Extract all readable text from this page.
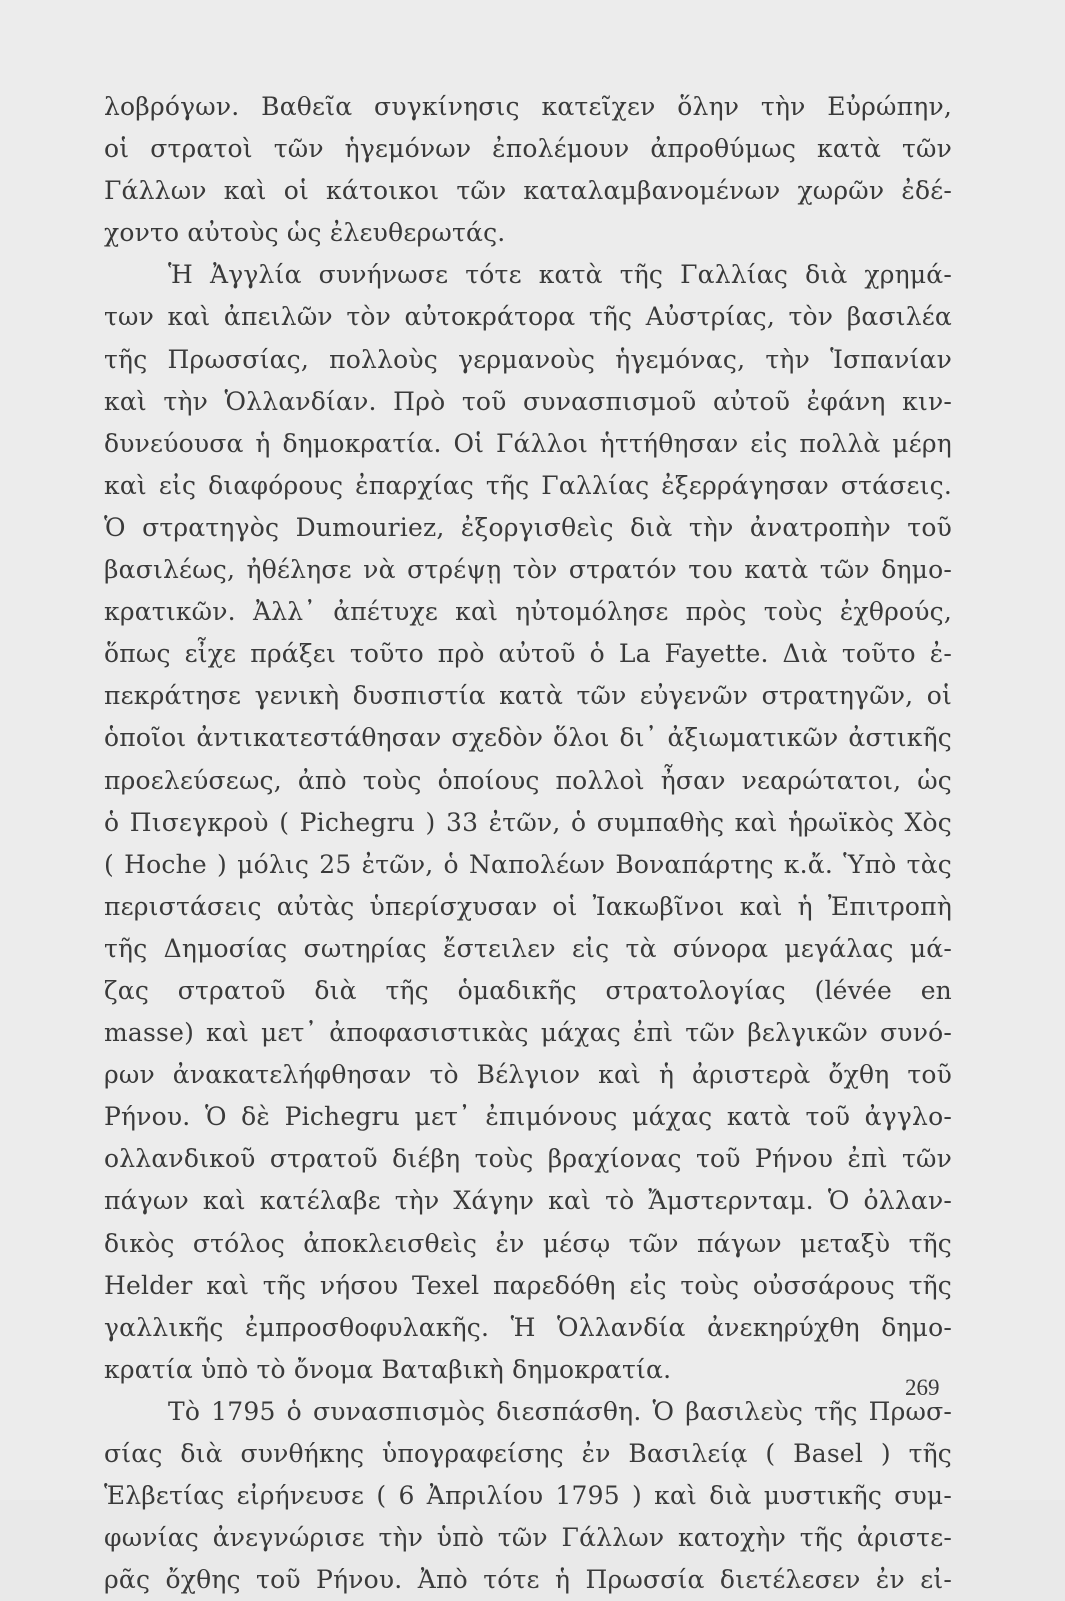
λοβρόγων. Βαθεῖα συγκίνησις κατεῖχεν ὅλην τὴν Εὐρώπην,
οἱ στρατοὶ τῶν ἡγεμόνων ἐπολέμουν ἀπροθύμως κατὰ τῶν
Γάλλων καὶ οἱ κάτοικοι τῶν καταλαμβανομένων χωρῶν ἐδέ-
χοντο αὐτοὺς ὡς ἐλευθερωτάς.
Ἡ Ἀγγλία συνήνωσε τότε κατὰ τῆς Γαλλίας διὰ χρημά-
των καὶ ἀπειλῶν τὸν αὐτοκράτορα τῆς Αὐστρίας, τὸν βασιλέα
τῆς Πρωσσίας, πολλοὺς γερμανοὺς ἡγεμόνας, τὴν Ἱσπανίαν
καὶ τὴν Ὁλλανδίαν. Πρὸ τοῦ συνασπισμοῦ αὐτοῦ ἐφάνη κιν-
δυνεύουσα ἡ δημοκρατία. Οἱ Γάλλοι ἡττήθησαν εἰς πολλὰ μέρη
καὶ εἰς διαφόρους ἐπαρχίας τῆς Γαλλίας ἐξερράγησαν στάσεις.
Ὁ στρατηγὸς Dumouriez, ἐξοργισθεὶς διὰ τὴν ἀνατροπὴν τοῦ
βασιλέως, ἠθέλησε νὰ στρέψῃ τὸν στρατόν του κατὰ τῶν δημο-
κρατικῶν. Ἀλλ᾽ ἀπέτυχε καὶ ηὐτομόλησε πρὸς τοὺς ἐχθρούς,
ὅπως εἶχε πράξει τοῦτο πρὸ αὐτοῦ ὁ La Fayette. Διὰ τοῦτο ἐ-
πεκράτησε γενικὴ δυσπιστία κατὰ τῶν εὐγενῶν στρατηγῶν, οἱ
ὁποῖοι ἀντικατεστάθησαν σχεδὸν ὅλοι δι᾽ ἀξιωματικῶν ἀστικῆς
προελεύσεως, ἀπὸ τοὺς ὁποίους πολλοὶ ἦσαν νεαρώτατοι, ὡς
ὁ Πισεγκροὺ ( Pichegru ) 33 ἐτῶν, ὁ συμπαθὴς καὶ ἡρωϊκὸς Χὸς
( Hoche ) μόλις 25 ἐτῶν, ὁ Ναπολέων Βοναπάρτης κ.ἄ. Ὑπὸ τὰς
περιστάσεις αὐτὰς ὑπερίσχυσαν οἱ Ἰακωβῖνοι καὶ ἡ Ἐπιτροπὴ
τῆς Δημοσίας σωτηρίας ἔστειλεν εἰς τὰ σύνορα μεγάλας μά-
ζας στρατοῦ διὰ τῆς ὁμαδικῆς στρατολογίας (lévée en
masse) καὶ μετ᾽ ἀποφασιστικὰς μάχας ἐπὶ τῶν βελγικῶν συνό-
ρων ἀνακατελήφθησαν τὸ Βέλγιον καὶ ἡ ἀριστερὰ ὄχθη τοῦ
Ρήνου. Ὁ δὲ Pichegru μετ᾽ ἐπιμόνους μάχας κατὰ τοῦ ἀγγλο-
ολλανδικοῦ στρατοῦ διέβη τοὺς βραχίονας τοῦ Ρήνου ἐπὶ τῶν
πάγων καὶ κατέλαβε τὴν Χάγην καὶ τὸ Ἄμστερνταμ. Ὁ ὀλλαν-
δικὸς στόλος ἀποκλεισθεὶς ἐν μέσῳ τῶν πάγων μεταξὺ τῆς
Helder καὶ τῆς νήσου Texel παρεδόθη εἰς τοὺς οὐσσάρους τῆς
γαλλικῆς ἐμπροσθοφυλακῆς. Ἡ Ὁλλανδία ἀνεκηρύχθη δημο-
κρατία ὑπὸ τὸ ὄνομα Βαταβικὴ δημοκρατία.
Τὸ 1795 ὁ συνασπισμὸς διεσπάσθη. Ὁ βασιλεὺς τῆς Πρωσ-
σίας διὰ συνθήκης ὑπογραφείσης ἐν Βασιλείᾳ ( Basel ) τῆς
Ἑλβετίας εἰρήνευσε ( 6 Ἀπριλίου 1795 ) καὶ διὰ μυστικῆς συμ-
φωνίας ἀνεγνώρισε τὴν ὑπὸ τῶν Γάλλων κατοχὴν τῆς ἀριστε-
ρᾶς ὄχθης τοῦ Ρήνου. Ἀπὸ τότε ἡ Πρωσσία διετέλεσεν ἐν εἰ-
269
